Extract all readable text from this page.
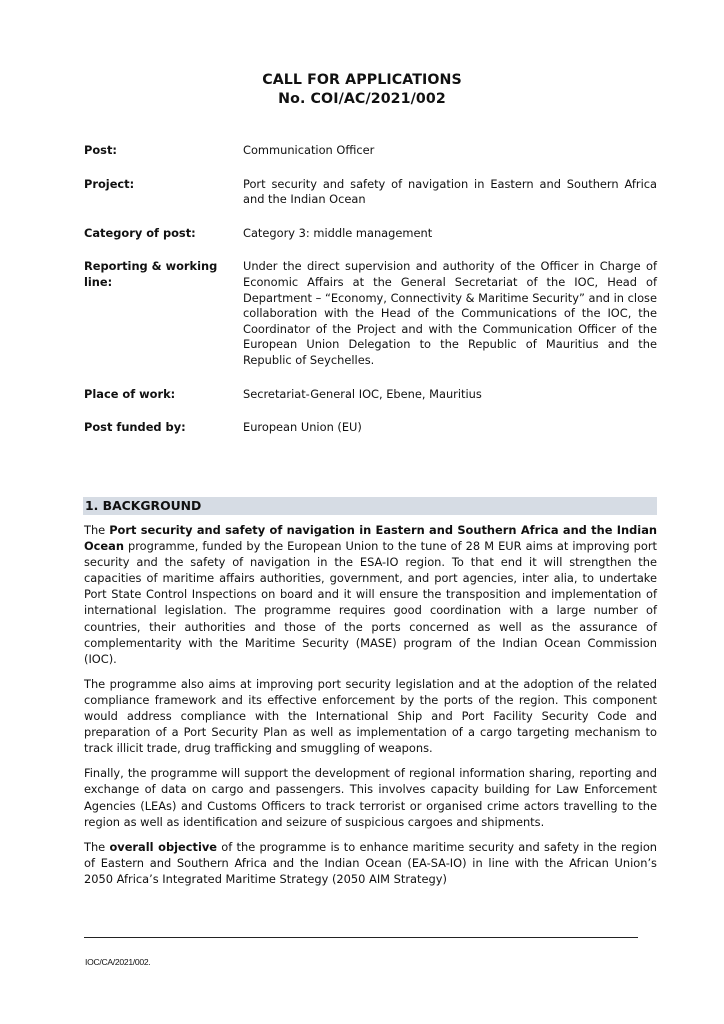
CALL FOR APPLICATIONS
No. COI/AC/2021/002
Post:	Communication Officer
Project:	Port security and safety of navigation in Eastern and Southern Africa and the Indian Ocean
Category of post:	Category 3: middle management
Reporting & working line:
Under the direct supervision and authority of the Officer in Charge of Economic Affairs at the General Secretariat of the IOC, Head of Department – “Economy, Connectivity & Maritime Security” and in close collaboration with the Head of the Communications of the IOC, the Coordinator of the Project and with the Communication Officer of the European Union Delegation to the Republic of Mauritius and the Republic of Seychelles.
Place of work:	Secretariat-General IOC, Ebene, Mauritius
Post funded by:	European Union (EU)
1. BACKGROUND

The Port security and safety of navigation in Eastern and Southern Africa and the Indian Ocean programme, funded by the European Union to the tune of 28 M EUR aims at improving port security and the safety of navigation in the ESA-IO region. To that end it will strengthen the capacities of maritime affairs authorities, government, and port agencies, inter alia, to undertake Port State Control Inspections on board and it will ensure the transposition and implementation of international legislation. The programme requires good coordination with a large number of countries, their authorities and those of the ports concerned as well as the assurance of complementarity with the Maritime Security (MASE) program of the Indian Ocean Commission (IOC).

The programme also aims at improving port security legislation and at the adoption of the related compliance framework and its effective enforcement by the ports of the region. This component would address compliance with the International Ship and Port Facility Security Code and preparation of a Port Security Plan as well as implementation of a cargo targeting mechanism to track illicit trade, drug trafficking and smuggling of weapons.

Finally, the programme will support the development of regional information sharing, reporting and exchange of data on cargo and passengers. This involves capacity building for Law Enforcement Agencies (LEAs) and Customs Officers to track terrorist or organised crime actors travelling to the region as well as identification and seizure of suspicious cargoes and shipments.

The overall objective of the programme is to enhance maritime security and safety in the region of Eastern and Southern Africa and the Indian Ocean (EA-SA-IO) in line with the African Union’s 2050 Africa’s Integrated Maritime Strategy (2050 AIM Strategy)

IOC/CA/2021/002.
